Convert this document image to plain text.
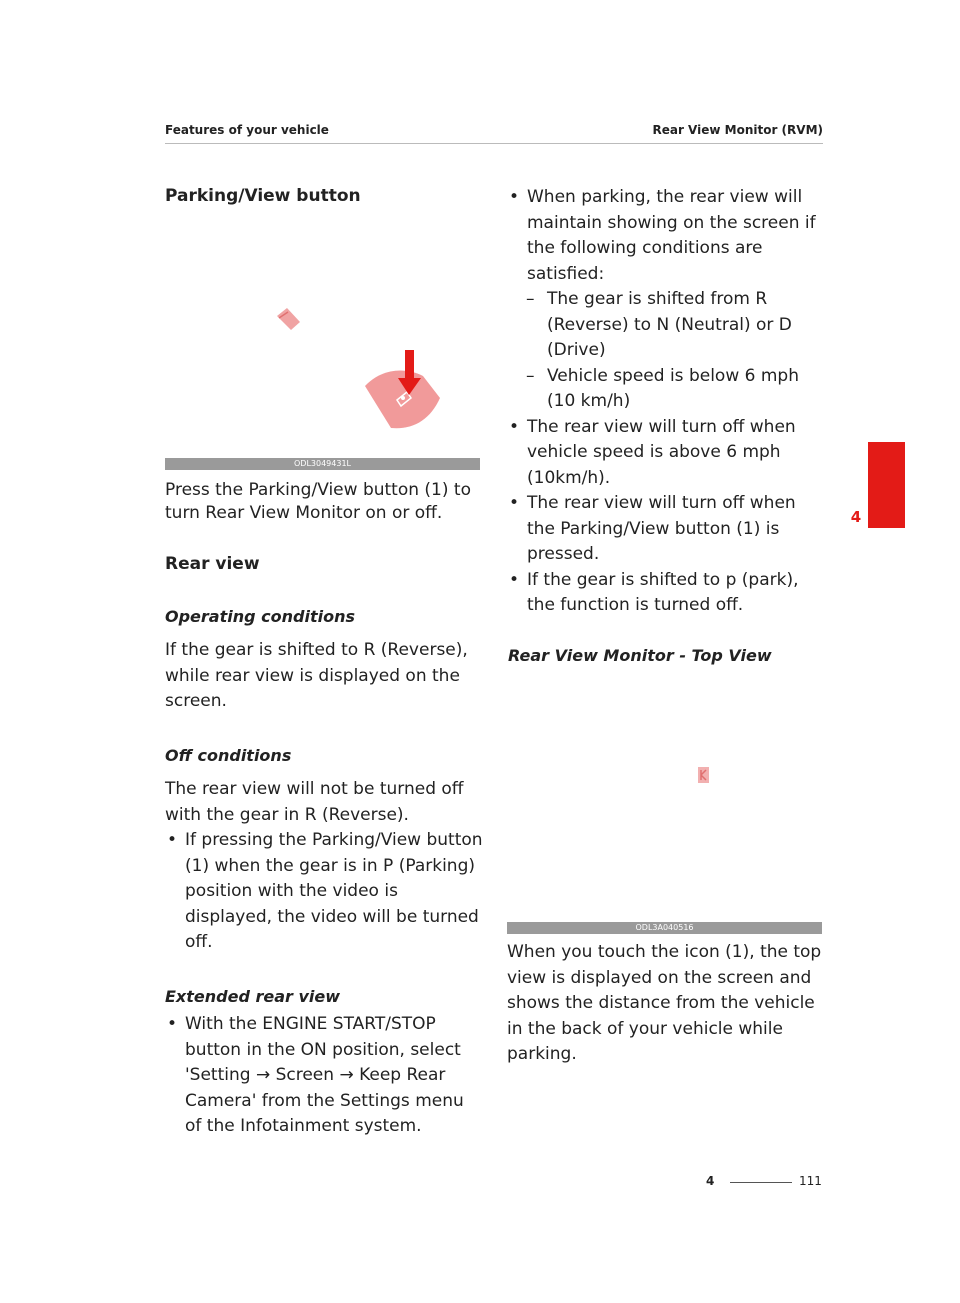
Features of your vehicle	Rear View Monitor (RVM)
Parking/View button
ODL3049431L
Press the Parking/View button (1) to turn Rear View Monitor on or off.
Rear view
Operating conditions
If the gear is shifted to R (Reverse), while rear view is displayed on the screen.
Off conditions
The rear view will not be turned off with the gear in R (Reverse).
• If pressing the Parking/View button (1) when the gear is in P (Parking) position with the video is displayed, the video will be turned off.
Extended rear view
• With the ENGINE START/STOP button in the ON position, select 'Setting → Screen → Keep Rear Camera' from the Settings menu of the Infotainment system.
• When parking, the rear view will maintain showing on the screen if the following conditions are satisfied:
– The gear is shifted from R (Reverse) to N (Neutral) or D (Drive)
– Vehicle speed is below 6 mph (10 km/h)
• The rear view will turn off when vehicle speed is above 6 mph (10km/h).
• The rear view will turn off when the Parking/View button (1) is pressed.
• If the gear is shifted to p (park), the function is turned off.
Rear View Monitor - Top View
ODL3A040516
When you touch the icon (1), the top view is displayed on the screen and shows the distance from the vehicle in the back of your vehicle while parking.
4
4	111
